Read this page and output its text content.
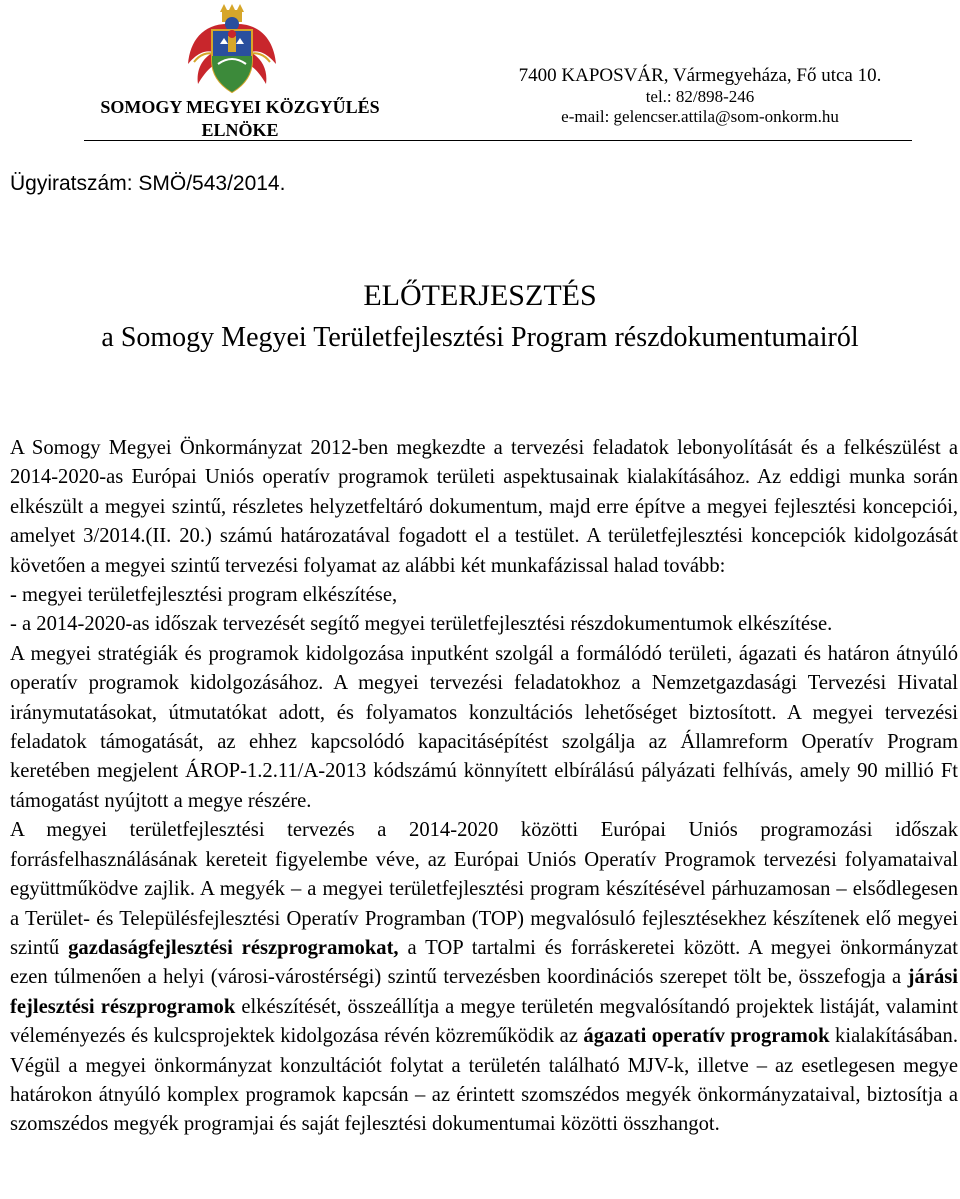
SOMOGY MEGYEI KÖZGYŰLÉS
ELNÖKE
7400 KAPOSVÁR, Vármegyeháza, Fő utca 10.
tel.: 82/898-246
e-mail: gelencser.attila@som-onkorm.hu
Ügyiratszám: SMÖ/543/2014.
ELŐTERJESZTÉS
a Somogy Megyei Területfejlesztési Program részdokumentumairól

A Somogy Megyei Önkormányzat 2012-ben megkezdte a tervezési feladatok lebonyolítását és a felkészülést a 2014-2020-as Európai Uniós operatív programok területi aspektusainak kialakításához. Az eddigi munka során elkészült a megyei szintű, részletes helyzetfeltáró dokumentum, majd erre építve a megyei fejlesztési koncepciói, amelyet 3/2014.(II. 20.) számú határozatával fogadott el a testület. A területfejlesztési koncepciók kidolgozását követően a megyei szintű tervezési folyamat az alábbi két munkafázissal halad tovább:

- megyei területfejlesztési program elkészítése,

- a 2014-2020-as időszak tervezését segítő megyei területfejlesztési részdokumentumok elkészítése.

A megyei stratégiák és programok kidolgozása inputként szolgál a formálódó területi, ágazati és határon átnyúló operatív programok kidolgozásához. A megyei tervezési feladatokhoz a Nemzetgazdasági Tervezési Hivatal iránymutatásokat, útmutatókat adott, és folyamatos konzultációs lehetőséget biztosított. A megyei tervezési feladatok támogatását, az ehhez kapcsolódó kapacitásépítést szolgálja az Államreform Operatív Program keretében megjelent ÁROP-1.2.11/A-2013 kódszámú könnyített elbírálású pályázati felhívás, amely 90 millió Ft támogatást nyújtott a megye részére.

A megyei területfejlesztési tervezés a 2014-2020 közötti Európai Uniós programozási időszak forrásfelhasználásának kereteit figyelembe véve, az Európai Uniós Operatív Programok tervezési folyamataival együttműködve zajlik. A megyék – a megyei területfejlesztési program készítésével párhuzamosan – elsődlegesen a Terület- és Településfejlesztési Operatív Programban (TOP) megvalósuló fejlesztésekhez készítenek elő megyei szintű gazdaságfejlesztési részprogramokat, a TOP tartalmi és forráskeretei között. A megyei önkormányzat ezen túlmenően a helyi (városi-várostérségi) szintű tervezésben koordinációs szerepet tölt be, összefogja a járási fejlesztési részprogramok elkészítését, összeállítja a megye területén megvalósítandó projektek listáját, valamint véleményezés és kulcsprojektek kidolgozása révén közreműködik az ágazati operatív programok kialakításában. Végül a megyei önkormányzat konzultációt folytat a területén található MJV-k, illetve – az esetlegesen megye határokon átnyúló komplex programok kapcsán – az érintett szomszédos megyék önkormányzataival, biztosítja a szomszédos megyék programjai és saját fejlesztési dokumentumai közötti összhangot.
